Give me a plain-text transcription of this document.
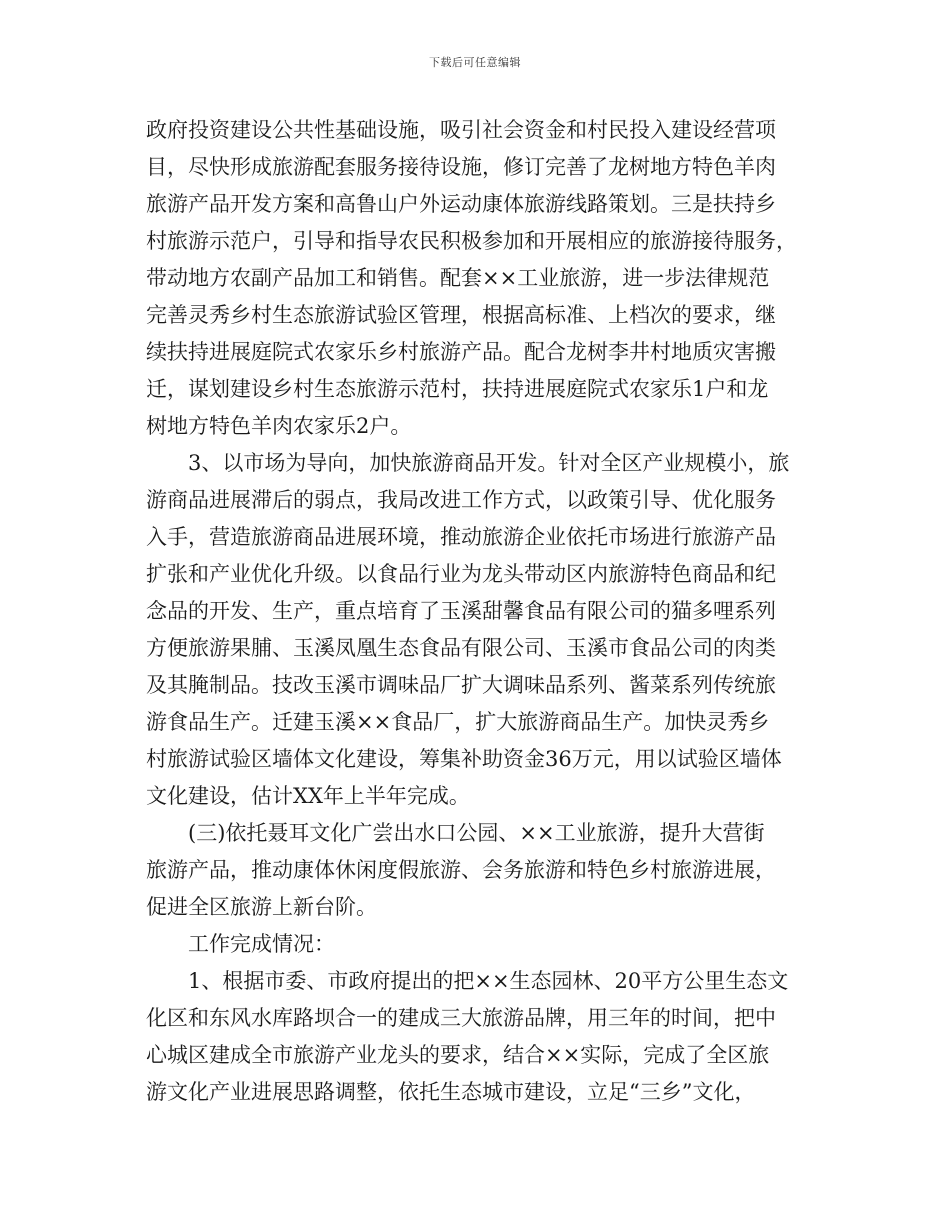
下载后可任意编辑
政府投资建设公共性基础设施，吸引社会资金和村民投入建设经营项
目，尽快形成旅游配套服务接待设施，修订完善了龙树地方特色羊肉
旅游产品开发方案和高鲁山户外运动康体旅游线路策划。三是扶持乡
村旅游示范户，引导和指导农民积极参加和开展相应的旅游接待服务，
带动地方农副产品加工和销售。配套××工业旅游，进一步法律规范
完善灵秀乡村生态旅游试验区管理，根据高标准、上档次的要求，继
续扶持进展庭院式农家乐乡村旅游产品。配合龙树李井村地质灾害搬
迁，谋划建设乡村生态旅游示范村，扶持进展庭院式农家乐1户和龙
树地方特色羊肉农家乐2户。
3、以市场为导向，加快旅游商品开发。针对全区产业规模小，旅
游商品进展滞后的弱点，我局改进工作方式，以政策引导、优化服务
入手，营造旅游商品进展环境，推动旅游企业依托市场进行旅游产品
扩张和产业优化升级。以食品行业为龙头带动区内旅游特色商品和纪
念品的开发、生产，重点培育了玉溪甜馨食品有限公司的猫多哩系列
方便旅游果脯、玉溪凤凰生态食品有限公司、玉溪市食品公司的肉类
及其腌制品。技改玉溪市调味品厂扩大调味品系列、酱菜系列传统旅
游食品生产。迁建玉溪××食品厂，扩大旅游商品生产。加快灵秀乡
村旅游试验区墙体文化建设，筹集补助资金36万元，用以试验区墙体
文化建设，估计XX年上半年完成。
(三)依托聂耳文化广尝出水口公园、××工业旅游，提升大营街
旅游产品，推动康体休闲度假旅游、会务旅游和特色乡村旅游进展，
促进全区旅游上新台阶。
工作完成情况：
1、根据市委、市政府提出的把××生态园林、20平方公里生态文
化区和东风水库路坝合一的建成三大旅游品牌，用三年的时间，把中
心城区建成全市旅游产业龙头的要求，结合××实际，完成了全区旅
游文化产业进展思路调整，依托生态城市建设，立足“三乡”文化，
